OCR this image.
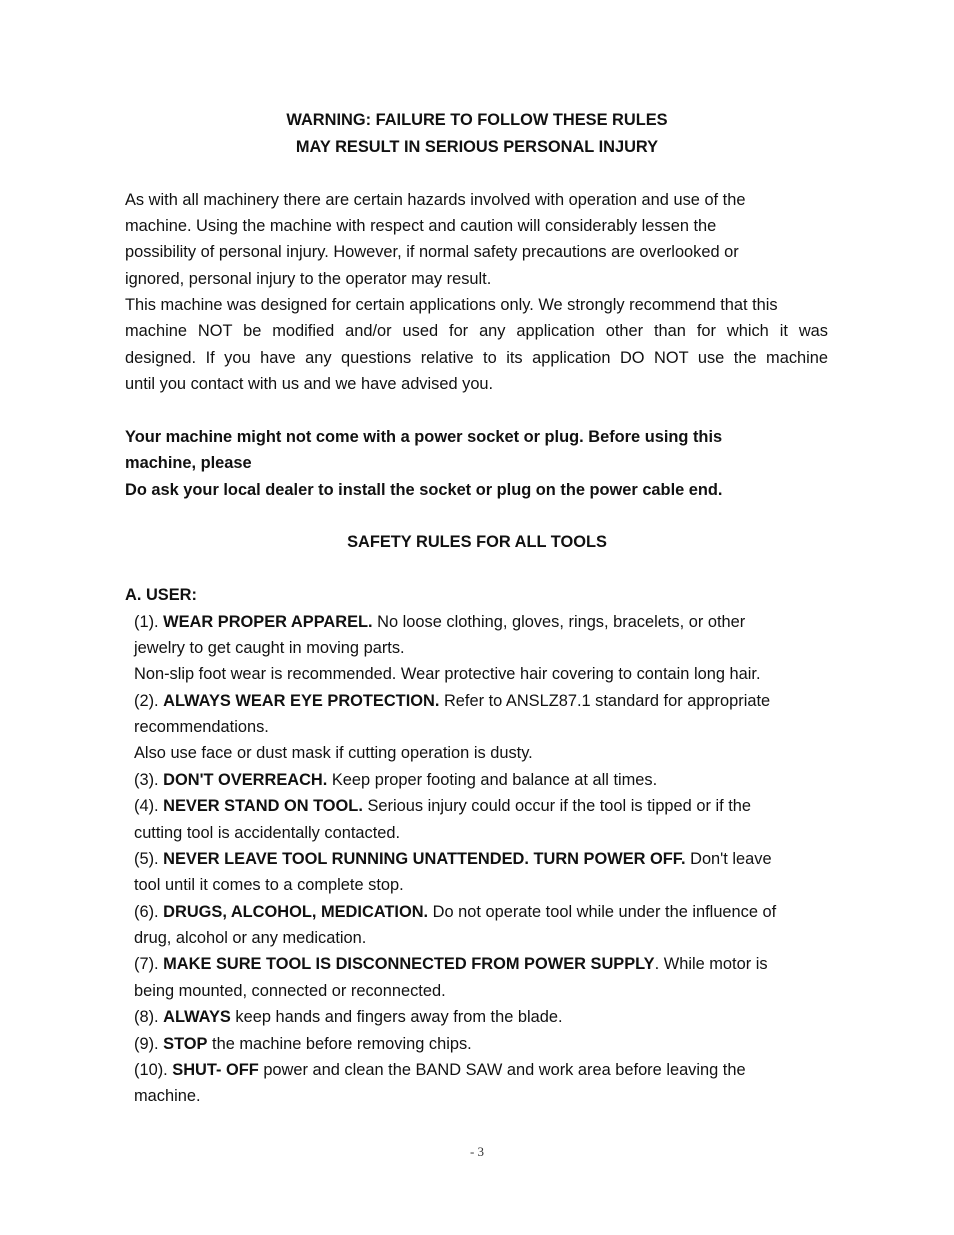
WARNING: FAILURE TO FOLLOW THESE RULES
MAY RESULT IN SERIOUS PERSONAL INJURY
As with all machinery there are certain hazards involved with operation and use of the
machine. Using the machine with respect and caution will considerably lessen the
possibility of personal injury. However, if normal safety precautions are overlooked or
ignored, personal injury to the operator may result.
This machine was designed for certain applications only. We strongly recommend that this
machine NOT be modified and/or used for any application other than for which it was
designed. If you have any questions relative to its application DO NOT use the machine
until you contact with us and we have advised you.
Your machine might not come with a power socket or plug. Before using this
machine, please
Do ask your local dealer to install the socket or plug on the power cable end.
SAFETY RULES FOR ALL TOOLS
A. USER:
(1). WEAR PROPER APPAREL. No loose clothing, gloves, rings, bracelets, or other
jewelry to get caught in moving parts.
Non-slip foot wear is recommended. Wear protective hair covering to contain long hair.
(2). ALWAYS WEAR EYE PROTECTION. Refer to ANSLZ87.1 standard for appropriate
recommendations.
Also use face or dust mask if cutting operation is dusty.
(3). DON'T OVERREACH. Keep proper footing and balance at all times.
(4). NEVER STAND ON TOOL. Serious injury could occur if the tool is tipped or if the
cutting tool is accidentally contacted.
(5). NEVER LEAVE TOOL RUNNING UNATTENDED. TURN POWER OFF. Don't leave
tool until it comes to a complete stop.
(6). DRUGS, ALCOHOL, MEDICATION. Do not operate tool while under the influence of
drug, alcohol or any medication.
(7). MAKE SURE TOOL IS DISCONNECTED FROM POWER SUPPLY. While motor is
being mounted, connected or reconnected.
(8). ALWAYS keep hands and fingers away from the blade.
(9). STOP the machine before removing chips.
(10). SHUT- OFF power and clean the BAND SAW and work area before leaving the
machine.
- 3
